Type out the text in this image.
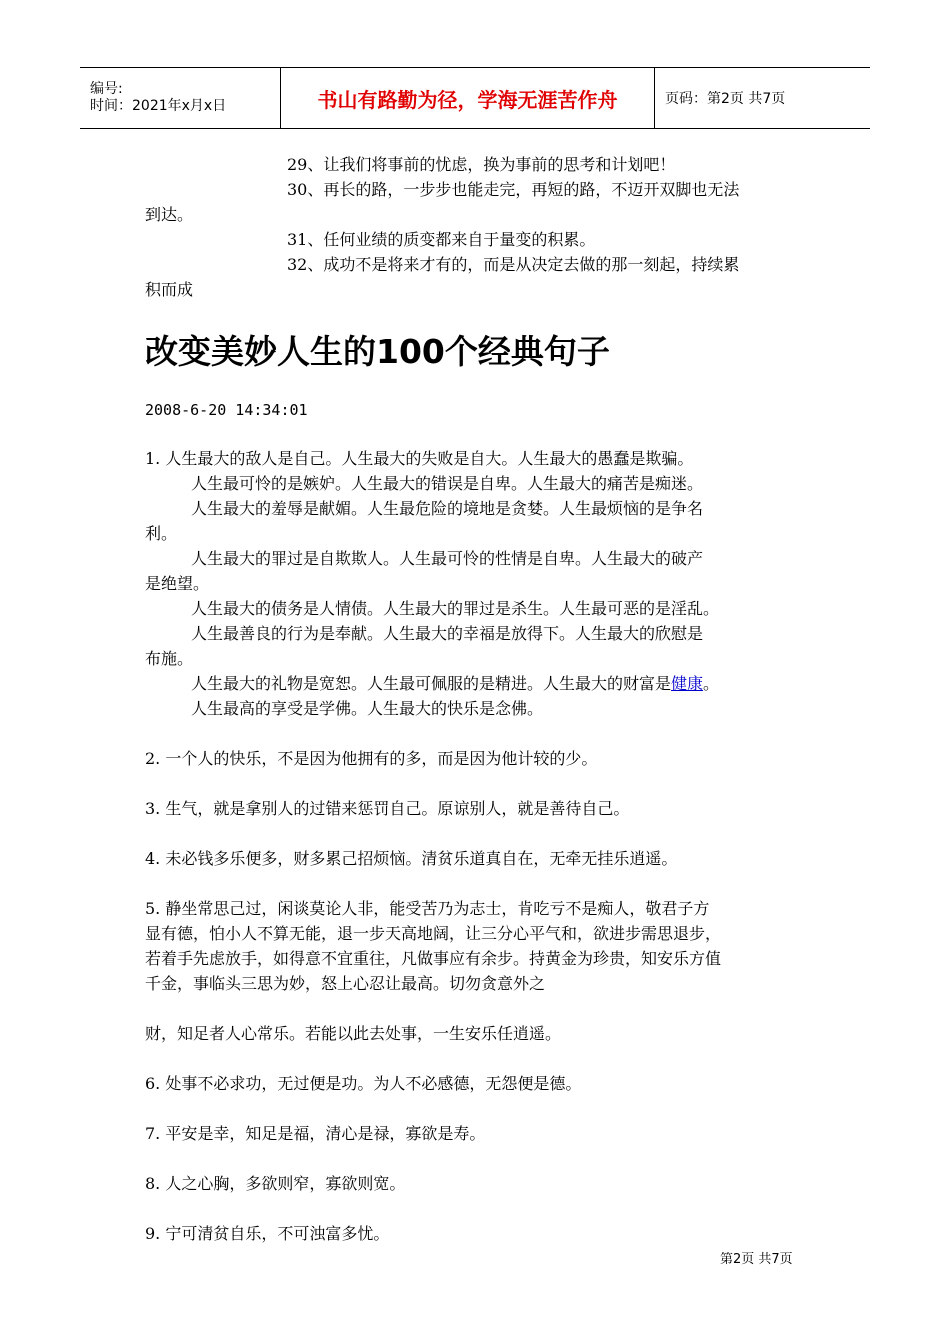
编号:
时间：2021年x月x日	书山有路勤为径，学海无涯苦作舟	页码：第2页 共7页

29、让我们将事前的忧虑，换为事前的思考和计划吧！

30、再长的路，一步步也能走完，再短的路，不迈开双脚也无法

到达。

31、任何业绩的质变都来自于量变的积累。

32、成功不是将来才有的，而是从决定去做的那一刻起，持续累

积而成

改变美妙人生的100个经典句子
2008-6-20 14:34:01

1. 人生最大的敌人是自己。人生最大的失败是自大。人生最大的愚蠢是欺骗。

人生最可怜的是嫉妒。人生最大的错误是自卑。人生最大的痛苦是痴迷。

人生最大的羞辱是献媚。人生最危险的境地是贪婪。人生最烦恼的是争名

利。

人生最大的罪过是自欺欺人。人生最可怜的性情是自卑。人生最大的破产

是绝望。

人生最大的债务是人情债。人生最大的罪过是杀生。人生最可恶的是淫乱。

人生最善良的行为是奉献。人生最大的幸福是放得下。人生最大的欣慰是

布施。

人生最大的礼物是宽恕。人生最可佩服的是精进。人生最大的财富是健康。

人生最高的享受是学佛。人生最大的快乐是念佛。

2. 一个人的快乐，不是因为他拥有的多，而是因为他计较的少。

3. 生气，就是拿别人的过错来惩罚自己。原谅别人，就是善待自己。

4. 未必钱多乐便多，财多累己招烦恼。清贫乐道真自在，无牵无挂乐逍遥。

5. 静坐常思己过，闲谈莫论人非，能受苦乃为志士，肯吃亏不是痴人，敬君子方

显有德，怕小人不算无能，退一步天高地阔，让三分心平气和，欲进步需思退步，

若着手先虑放手，如得意不宜重往，凡做事应有余步。持黄金为珍贵，知安乐方值

千金，事临头三思为妙，怒上心忍让最高。切勿贪意外之

财，知足者人心常乐。若能以此去处事，一生安乐任逍遥。

6. 处事不必求功，无过便是功。为人不必感德，无怨便是德。

7. 平安是幸，知足是福，清心是禄，寡欲是寿。

8. 人之心胸，多欲则窄，寡欲则宽。

9. 宁可清贫自乐，不可浊富多忧。

第2页 共7页
